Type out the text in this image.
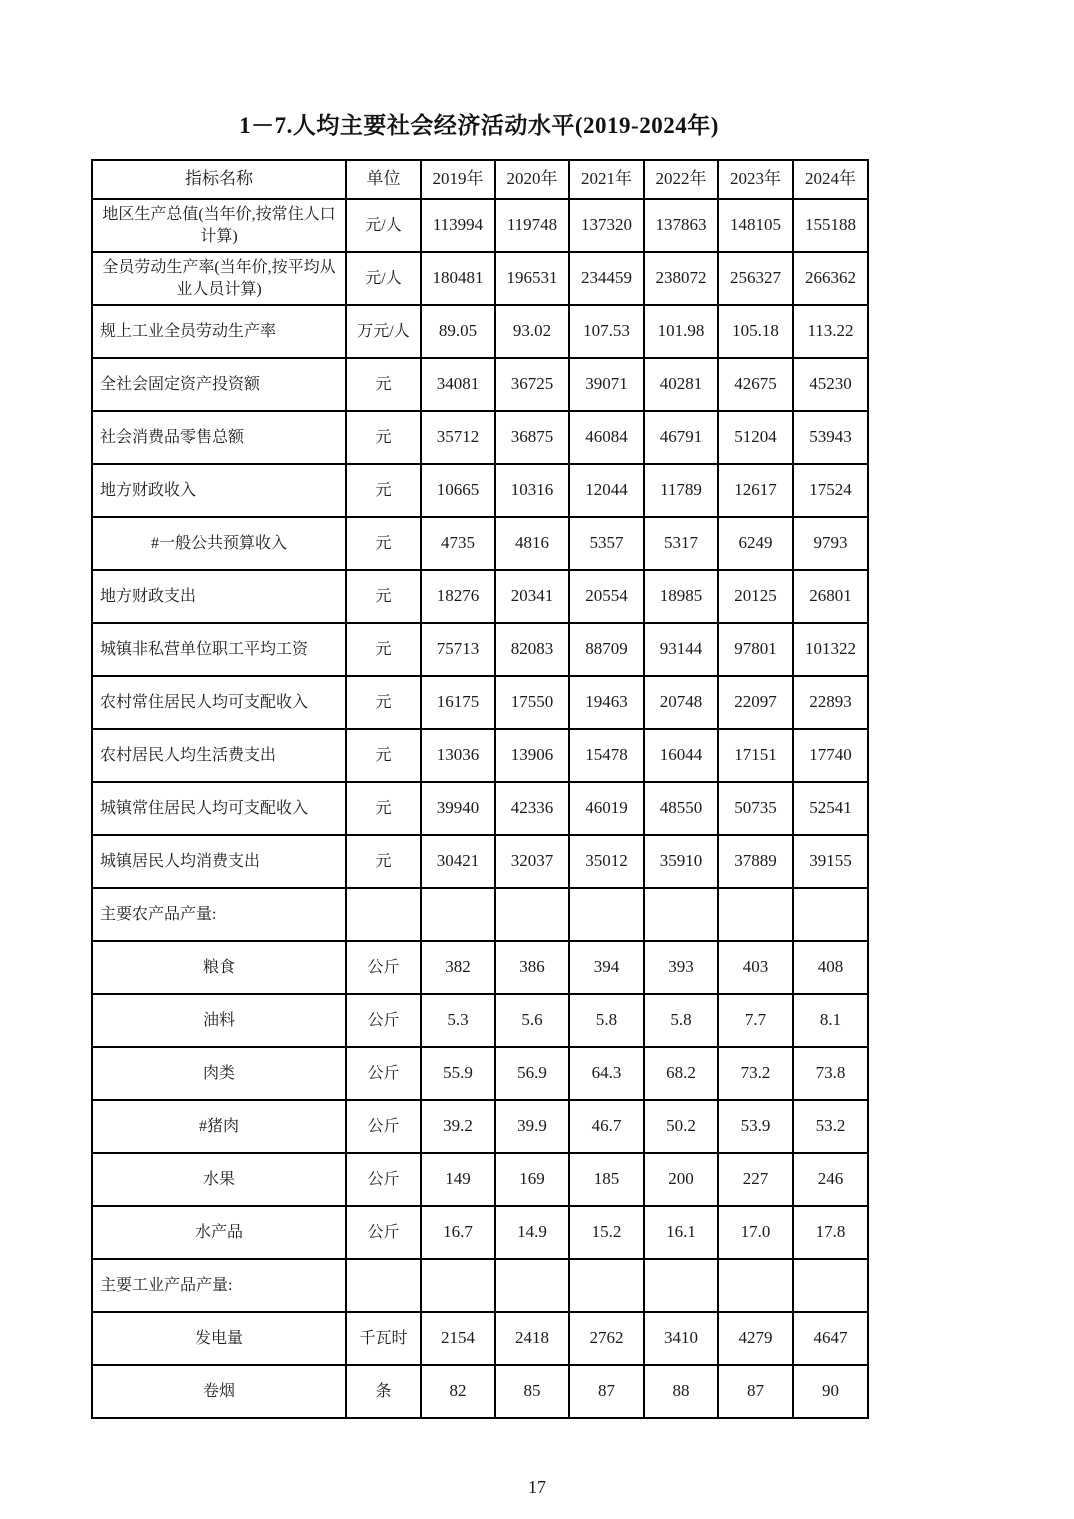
1－7.人均主要社会经济活动水平(2019-2024年)
指标名称	单位	2019年	2020年	2021年	2022年	2023年	2024年
地区生产总值(当年价,按常住人口计算)	元/人	113994	119748	137320	137863	148105	155188
全员劳动生产率(当年价,按平均从业人员计算)	元/人	180481	196531	234459	238072	256327	266362
规上工业全员劳动生产率	万元/人	89.05	93.02	107.53	101.98	105.18	113.22
全社会固定资产投资额	元	34081	36725	39071	40281	42675	45230
社会消费品零售总额	元	35712	36875	46084	46791	51204	53943
地方财政收入	元	10665	10316	12044	11789	12617	17524
#一般公共预算收入	元	4735	4816	5357	5317	6249	9793
地方财政支出	元	18276	20341	20554	18985	20125	26801
城镇非私营单位职工平均工资	元	75713	82083	88709	93144	97801	101322
农村常住居民人均可支配收入	元	16175	17550	19463	20748	22097	22893
农村居民人均生活费支出	元	13036	13906	15478	16044	17151	17740
城镇常住居民人均可支配收入	元	39940	42336	46019	48550	50735	52541
城镇居民人均消费支出	元	30421	32037	35012	35910	37889	39155
主要农产品产量:							
粮食	公斤	382	386	394	393	403	408
油料	公斤	5.3	5.6	5.8	5.8	7.7	8.1
肉类	公斤	55.9	56.9	64.3	68.2	73.2	73.8
#猪肉	公斤	39.2	39.9	46.7	50.2	53.9	53.2
水果	公斤	149	169	185	200	227	246
水产品	公斤	16.7	14.9	15.2	16.1	17.0	17.8
主要工业产品产量:							
发电量	千瓦时	2154	2418	2762	3410	4279	4647
卷烟	条	82	85	87	88	87	90
17
